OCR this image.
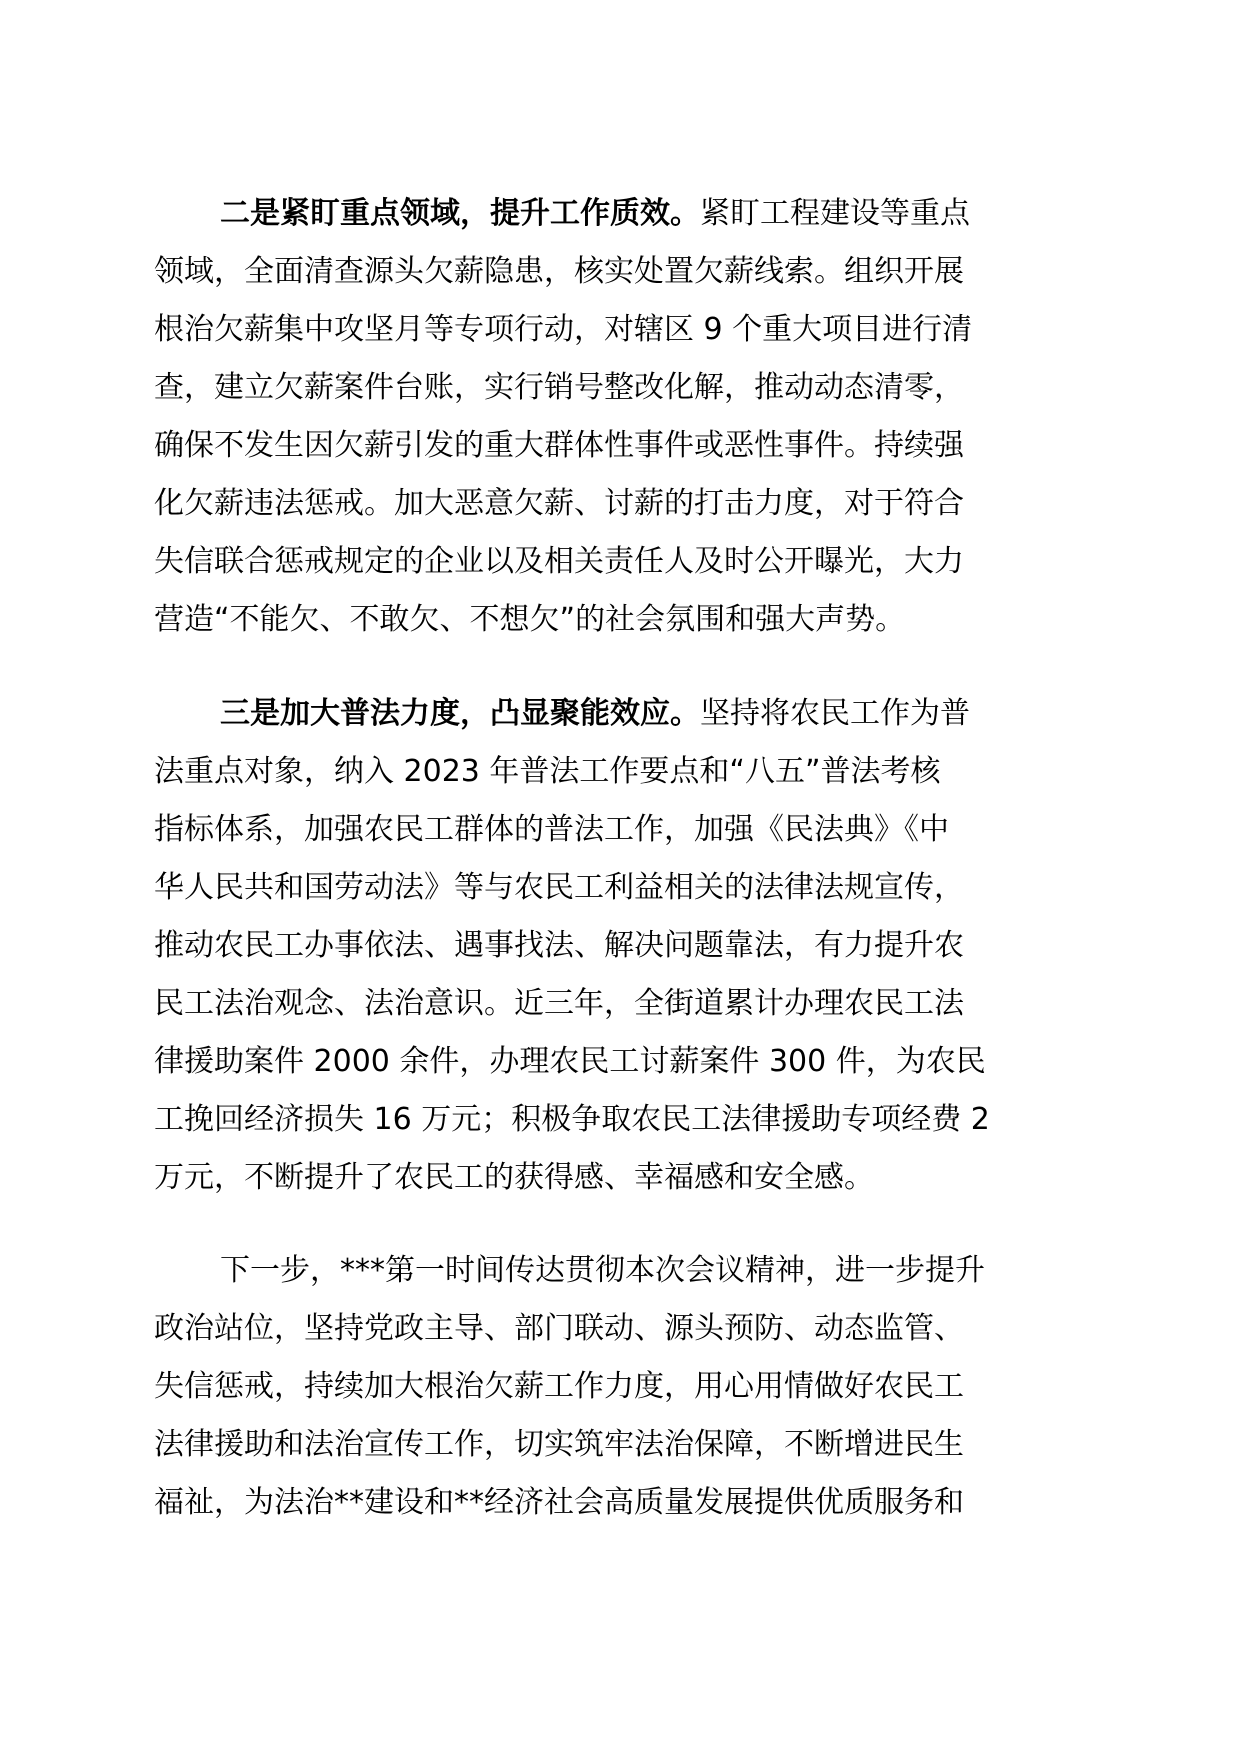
二是紧盯重点领域，提升工作质效。紧盯工程建设等重点
领域，全面清查源头欠薪隐患，核实处置欠薪线索。组织开展
根治欠薪集中攻坚月等专项行动，对辖区 9 个重大项目进行清
查，建立欠薪案件台账，实行销号整改化解，推动动态清零，
确保不发生因欠薪引发的重大群体性事件或恶性事件。持续强
化欠薪违法惩戒。加大恶意欠薪、讨薪的打击力度，对于符合
失信联合惩戒规定的企业以及相关责任人及时公开曝光，大力
营造“不能欠、不敢欠、不想欠”的社会氛围和强大声势。
三是加大普法力度，凸显聚能效应。坚持将农民工作为普
法重点对象，纳入 2023 年普法工作要点和“八五”普法考核
指标体系，加强农民工群体的普法工作，加强《民法典》《中
华人民共和国劳动法》等与农民工利益相关的法律法规宣传，
推动农民工办事依法、遇事找法、解决问题靠法，有力提升农
民工法治观念、法治意识。近三年，全街道累计办理农民工法
律援助案件 2000 余件，办理农民工讨薪案件 300 件，为农民
工挽回经济损失 16 万元；积极争取农民工法律援助专项经费 2
万元，不断提升了农民工的获得感、幸福感和安全感。
下一步，***第一时间传达贯彻本次会议精神，进一步提升
政治站位，坚持党政主导、部门联动、源头预防、动态监管、
失信惩戒，持续加大根治欠薪工作力度，用心用情做好农民工
法律援助和法治宣传工作，切实筑牢法治保障，不断增进民生
福祉，为法治**建设和**经济社会高质量发展提供优质服务和
